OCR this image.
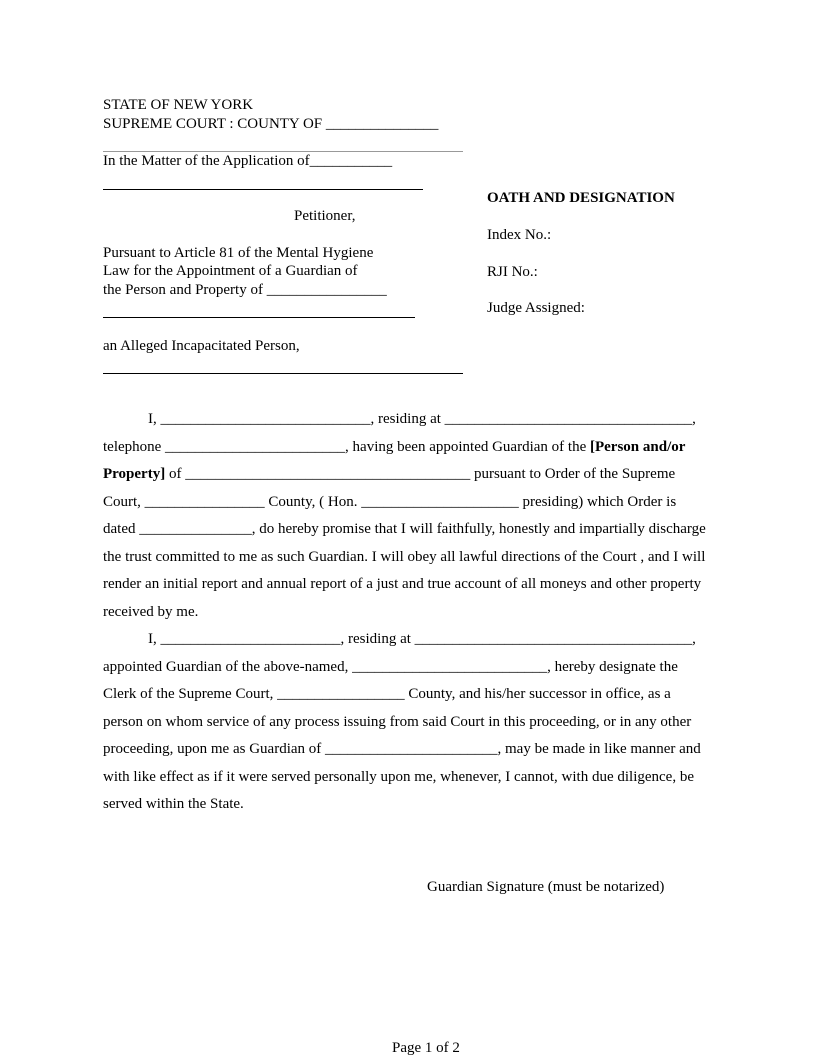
STATE OF NEW YORK
SUPREME COURT : COUNTY OF _______________
In the Matter of the Application of___________
Petitioner,
Pursuant to Article 81 of the Mental Hygiene
Law for the Appointment of a Guardian of
the Person and Property of ________________
an Alleged Incapacitated Person,
OATH AND DESIGNATION
Index No.:
RJI No.:
Judge Assigned:
I, ____________________________, residing at _________________________________,
telephone ________________________, having been appointed Guardian of the [Person and/or
Property] of ______________________________________ pursuant to Order of the Supreme
Court, ________________ County, ( Hon. _____________________ presiding) which Order is
dated _______________, do hereby promise that I will faithfully, honestly and impartially discharge
the trust committed to me as such Guardian. I will obey all lawful directions of the Court , and I will
render an initial report and annual report of a just and true account of all moneys and other property
received by me.
I, ________________________, residing at _____________________________________,
appointed Guardian of the above-named, __________________________, hereby designate the
Clerk of the Supreme Court, _________________ County, and his/her successor in office, as a
person on whom service of any process issuing from said Court in this proceeding, or in any other
proceeding, upon me as Guardian of _______________________, may be made in like manner and
with like effect as if it were served personally upon me, whenever, I cannot, with due diligence, be
served within the State.
Guardian Signature (must be notarized)
Page 1 of 2
